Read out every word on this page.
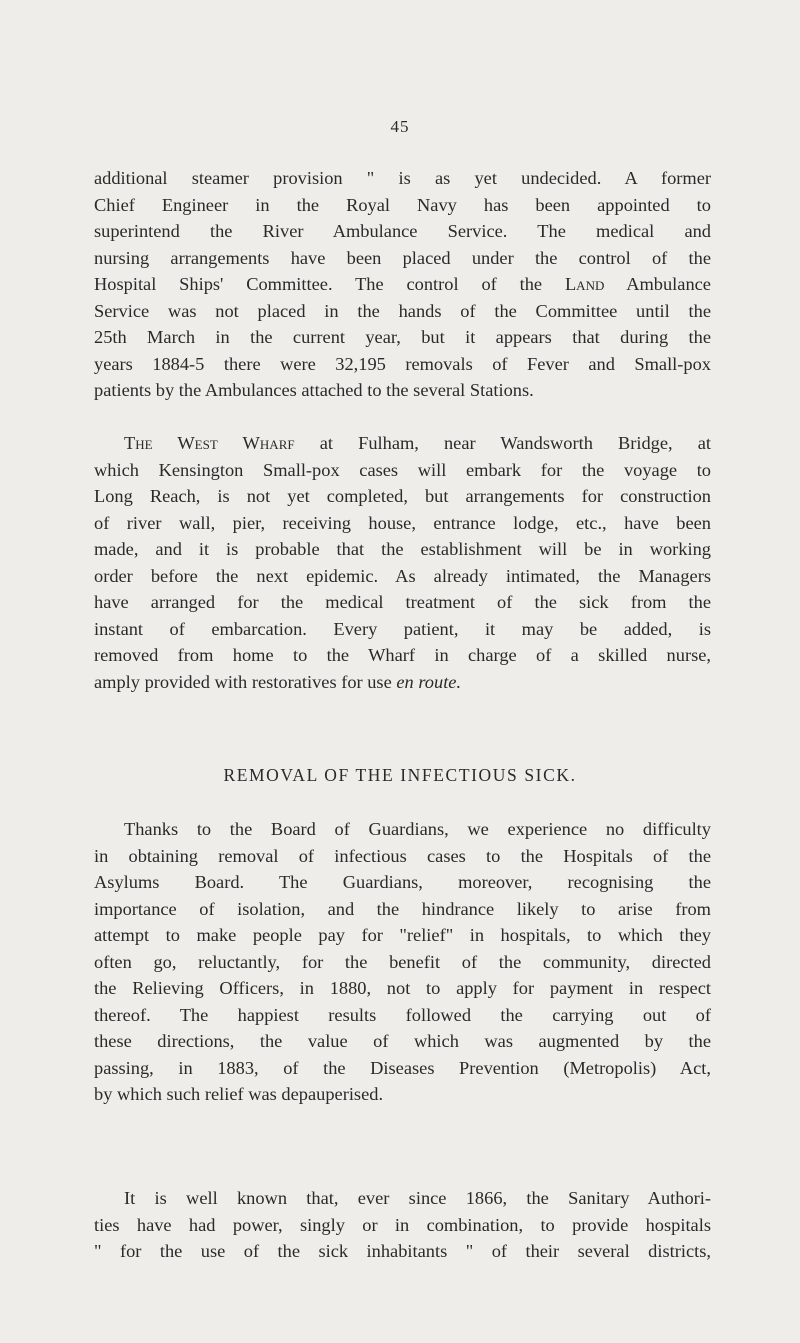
45
additional steamer provision " is as yet undecided. A former
Chief Engineer in the Royal Navy has been appointed to
superintend the River Ambulance Service. The medical and
nursing arrangements have been placed under the control of the
Hospital Ships' Committee. The control of the Land Ambulance
Service was not placed in the hands of the Committee until the
25th March in the current year, but it appears that during the
years 1884-5 there were 32,195 removals of Fever and Small-pox
patients by the Ambulances attached to the several Stations.
The West Wharf at Fulham, near Wandsworth Bridge, at
which Kensington Small-pox cases will embark for the voyage to
Long Reach, is not yet completed, but arrangements for construction
of river wall, pier, receiving house, entrance lodge, etc., have been
made, and it is probable that the establishment will be in working
order before the next epidemic. As already intimated, the Managers
have arranged for the medical treatment of the sick from the
instant of embarcation. Every patient, it may be added, is
removed from home to the Wharf in charge of a skilled nurse,
amply provided with restoratives for use en route.
REMOVAL OF THE INFECTIOUS SICK.
Thanks to the Board of Guardians, we experience no difficulty
in obtaining removal of infectious cases to the Hospitals of the
Asylums Board. The Guardians, moreover, recognising the
importance of isolation, and the hindrance likely to arise from
attempt to make people pay for "relief" in hospitals, to which they
often go, reluctantly, for the benefit of the community, directed
the Relieving Officers, in 1880, not to apply for payment in respect
thereof. The happiest results followed the carrying out of
these directions, the value of which was augmented by the
passing, in 1883, of the Diseases Prevention (Metropolis) Act,
by which such relief was depauperised.
It is well known that, ever since 1866, the Sanitary Authori-
ties have had power, singly or in combination, to provide hospitals
" for the use of the sick inhabitants " of their several districts,
